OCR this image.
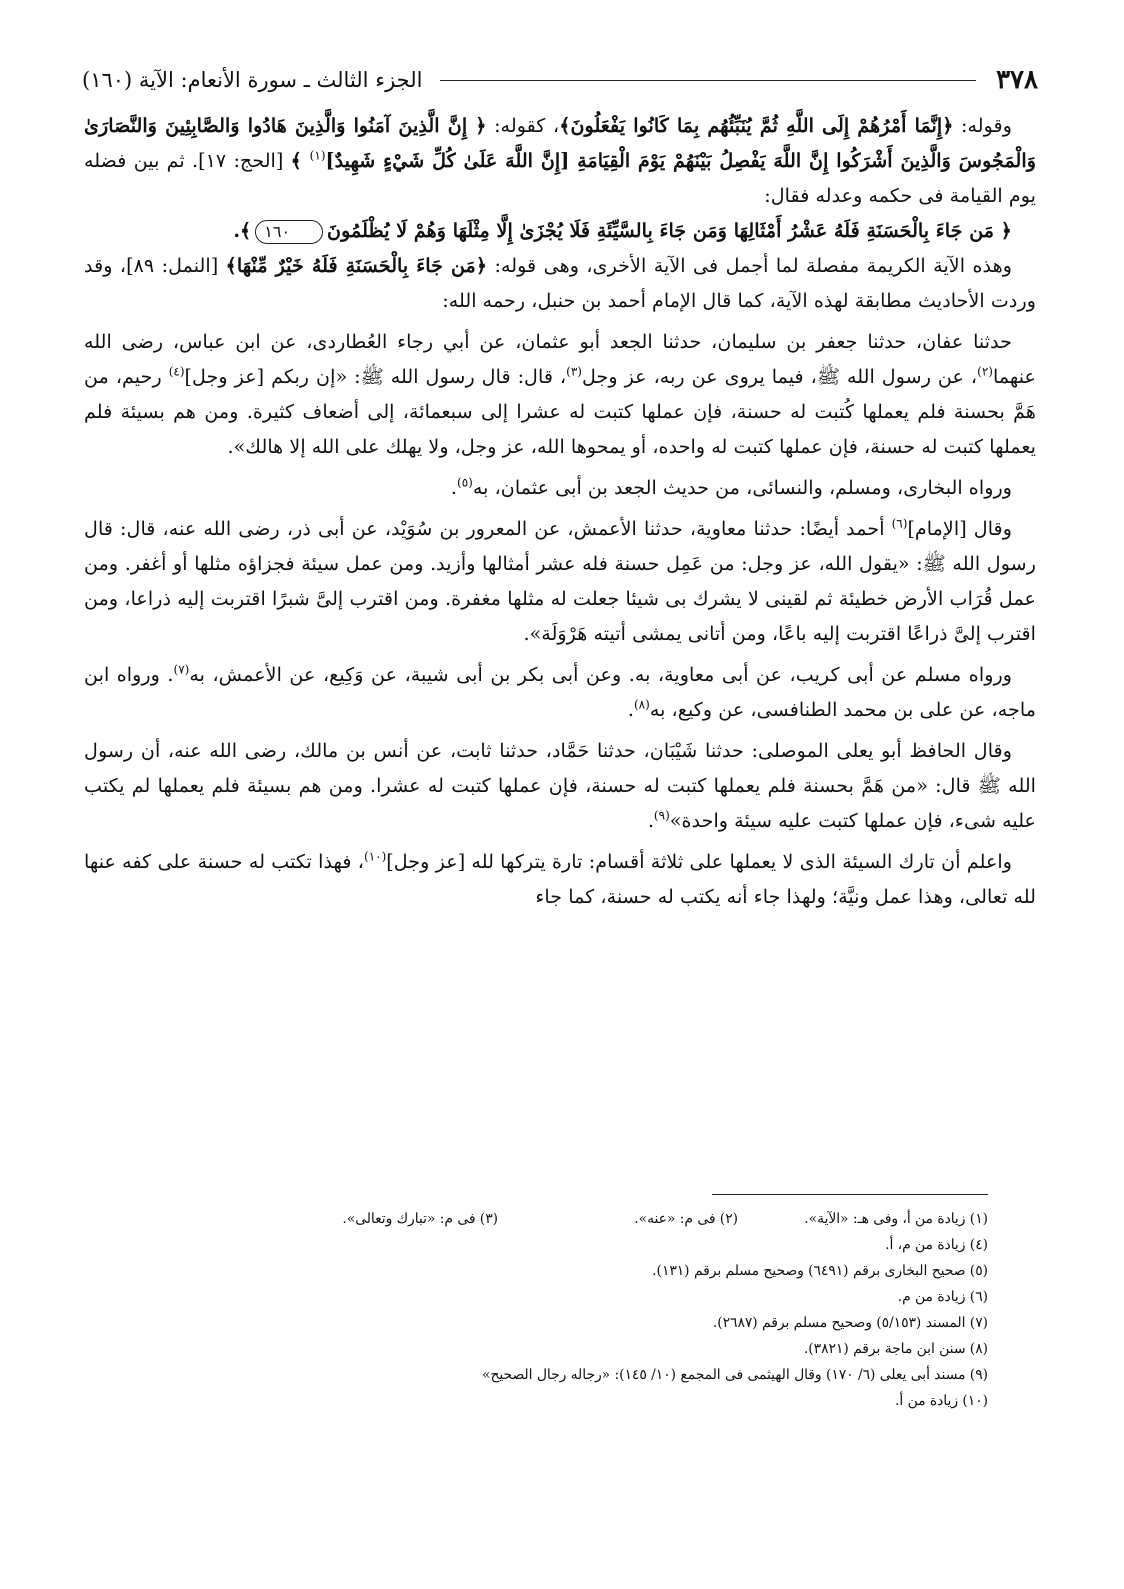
٣٧٨
الجزء الثالث ـ سورة الأنعام: الآية (١٦٠)

وقوله: ﴿إِنَّمَا أَمْرُهُمْ إِلَى اللَّهِ ثُمَّ يُنَبِّئُهُم بِمَا كَانُوا يَفْعَلُونَ﴾، كقوله: ﴿ إِنَّ الَّذِينَ آمَنُوا وَالَّذِينَ هَادُوا وَالصَّابِئِينَ وَالنَّصَارَىٰ وَالْمَجُوسَ وَالَّذِينَ أَشْرَكُوا إِنَّ اللَّهَ يَفْصِلُ بَيْنَهُمْ يَوْمَ الْقِيَامَةِ [إِنَّ اللَّهَ عَلَىٰ كُلِّ شَيْءٍ شَهِيدٌ]$^{(١)}$ ﴾ [الحج: ١٧]. ثم بين فضله يوم القيامة فى حكمه وعدله فقال:

﴿ مَن جَاءَ بِالْحَسَنَةِ فَلَهُ عَشْرُ أَمْثَالِهَا وَمَن جَاءَ بِالسَّيِّئَةِ فَلَا يُجْزَىٰ إِلَّا مِثْلَهَا وَهُمْ لَا يُظْلَمُونَ١٦٠﴾.

وهذه الآية الكريمة مفصلة لما أجمل فى الآية الأخرى، وهى قوله: ﴿مَن جَاءَ بِالْحَسَنَةِ فَلَهُ خَيْرٌ مِّنْهَا﴾ [النمل: ٨٩]، وقد وردت الأحاديث مطابقة لهذه الآية، كما قال الإمام أحمد بن حنبل، رحمه الله:

حدثنا عفان، حدثنا جعفر بن سليمان، حدثنا الجعد أبو عثمان، عن أبي رجاء العُطاردى، عن ابن عباس، رضى الله عنهما$^{(٢)}$، عن رسول الله ﷺ، فيما يروى عن ربه، عز وجل$^{(٣)}$، قال: قال رسول الله ﷺ: «إن ربكم [عز وجل]$^{(٤)}$ رحيم، من هَمَّ بحسنة فلم يعملها كُتبت له حسنة، فإن عملها كتبت له عشرا إلى سبعمائة، إلى أضعاف كثيرة. ومن هم بسيئة فلم يعملها كتبت له حسنة، فإن عملها كتبت له واحده، أو يمحوها الله، عز وجل، ولا يهلك على الله إلا هالك».

ورواه البخارى، ومسلم، والنسائى، من حديث الجعد بن أبى عثمان، به$^{(٥)}$.

وقال [الإمام]$^{(٦)}$ أحمد أيضًا: حدثنا معاوية، حدثنا الأعمش، عن المعرور بن سُوَيْد، عن أبى ذر، رضى الله عنه، قال: قال رسول الله ﷺ: «يقول الله، عز وجل: من عَمِل حسنة فله عشر أمثالها وأزيد. ومن عمل سيئة فجزاؤه مثلها أو أغفر. ومن عمل قُرَاب الأرض خطيئة ثم لقينى لا يشرك بى شيئا جعلت له مثلها مغفرة. ومن اقترب إلىَّ شبرًا اقتربت إليه ذراعا، ومن اقترب إلىَّ ذراعًا اقتربت إليه باعًا، ومن أتانى يمشى أتيته هَرْوَلَة».

ورواه مسلم عن أبى كريب، عن أبى معاوية، به. وعن أبى بكر بن أبى شيبة، عن وَكِيع، عن الأعمش، به$^{(٧)}$. ورواه ابن ماجه، عن على بن محمد الطنافسى، عن وكيع، به$^{(٨)}$.

وقال الحافظ أبو يعلى الموصلى: حدثنا شَيْبَان، حدثنا حَمَّاد، حدثنا ثابت، عن أنس بن مالك، رضى الله عنه، أن رسول الله ﷺ قال: «من هَمَّ بحسنة فلم يعملها كتبت له حسنة، فإن عملها كتبت له عشرا. ومن هم بسيئة فلم يعملها لم يكتب عليه شىء، فإن عملها كتبت عليه سيئة واحدة»$^{(٩)}$.

واعلم أن تارك السيئة الذى لا يعملها على ثلاثة أقسام: تارة يتركها لله [عز وجل]$^{(١٠)}$، فهذا تكتب له حسنة على كفه عنها لله تعالى، وهذا عمل ونيَّة؛ ولهذا جاء أنه يكتب له حسنة، كما جاء

(١) زيادة من أ، وفى هـ: «الآية».
(٢) فى م: «عنه».
(٣) فى م: «تبارك وتعالى».
(٤) زيادة من م، أ.
(٥) صحيح البخارى برقم (٦٤٩١) وصحيح مسلم برقم (١٣١).
(٦) زيادة من م.
(٧) المسند (٥/١٥٣) وصحيح مسلم برقم (٢٦٨٧).
(٨) سنن ابن ماجة برقم (٣٨٢١).
(٩) مسند أبى يعلى (٦/ ١٧٠) وقال الهيثمى فى المجمع (١٠/ ١٤٥): «رجاله رجال الصحيح»
(١٠) زيادة من أ.
